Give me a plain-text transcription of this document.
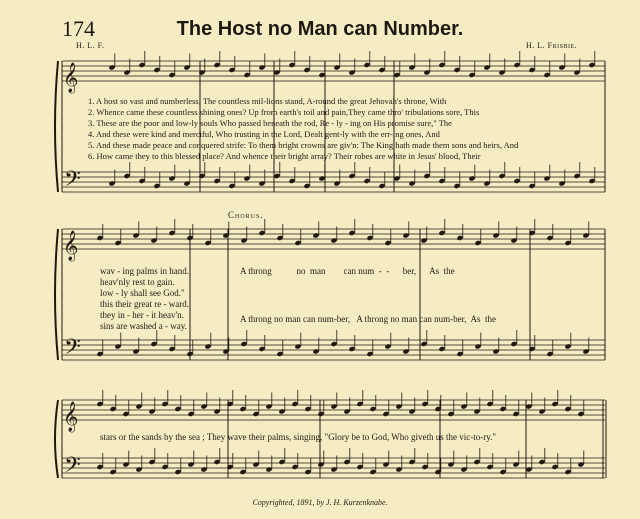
174	The Host no Man can Number.
H. L. F.	H. L. Frisbie.
𝄞
𝄢
𝄞
𝄢
𝄞
𝄢
1. A host so vast and numberless, The countless mil-lions stand, A-round the great Jehovah's throne, With
2. Whence came these countless shining ones? Up from earth's toil and pain,They came thro' tribulations sore, This
3. These are the poor and low-ly souls Who passed beneath the rod, Re - ly - ing on His promise sure," The
4. And these were kind and merciful, Who trusting in the Lord, Dealt gent-ly with the err-ing ones, And
5. And these made peace and conquered strife: To them bright crowns are giv'n: The King hath made them sons and heirs, And
6. How came they to this blessed place? And whence their bright array? Their robes are white in Jesus' blood, Their
Chorus.
wav - ing palms in hand.
heav'nly rest to gain.
low - ly shall see God."
this their great re - ward.
they in - her - it heav'n.
sins are washed a - way.
A throng           no  man        can num  -  -      ber,      As  the
A throng no man can num-ber,   A throng no man can num-ber,  As  the
stars or the sands by the sea ; They wave their palms, singing, "Glory be to God, Who giveth us the vic-to-ry."
Copyrighted, 1891, by J. H. Kurzenknabe.
